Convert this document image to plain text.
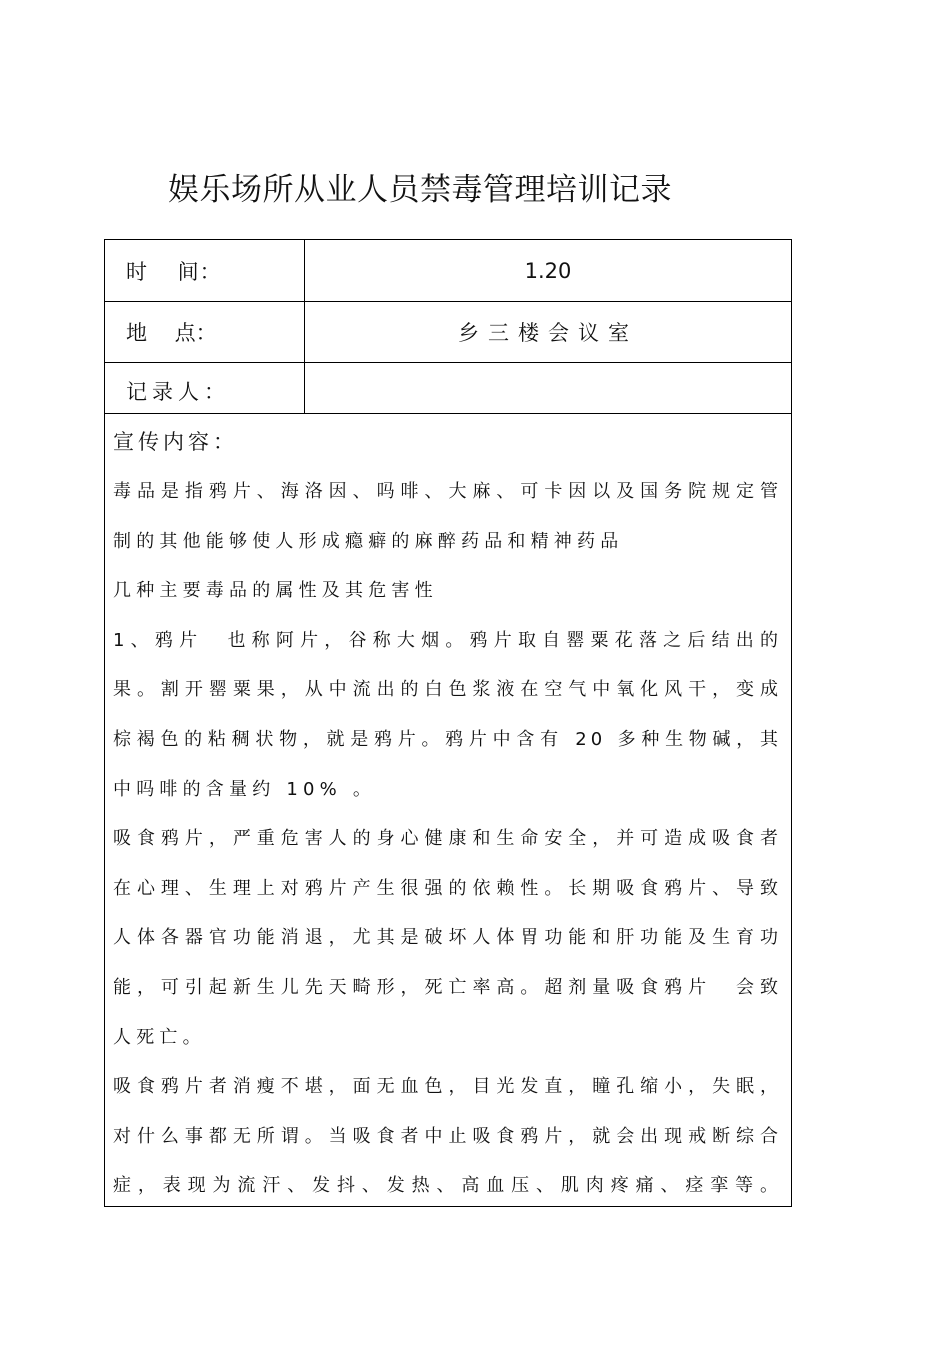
娱乐场所从业人员禁毒管理培训记录
时　 间：	1.20
地　 点：	乡三楼会议室
记录人：
宣传内容：
毒品是指鸦片、海洛因、吗啡、大麻、可卡因以及国务院规定管
制的其他能够使人形成瘾癖的麻醉药品和精神药品
几种主要毒品的属性及其危害性
1、鸦片　也称阿片，谷称大烟。鸦片取自罂粟花落之后结出的
果。割开罂粟果，从中流出的白色浆液在空气中氧化风干，变成
棕褐色的粘稠状物，就是鸦片。鸦片中含有 20 多种生物碱，其
中吗啡的含量约 10% 。
吸食鸦片，严重危害人的身心健康和生命安全，并可造成吸食者
在心理、生理上对鸦片产生很强的依赖性。长期吸食鸦片、导致
人体各器官功能消退，尤其是破坏人体胃功能和肝功能及生育功
能，可引起新生儿先天畸形，死亡率高。超剂量吸食鸦片　会致
人死亡。
吸食鸦片者消瘦不堪，面无血色，目光发直，瞳孔缩小，失眠，
对什么事都无所谓。当吸食者中止吸食鸦片，就会出现戒断综合
症，表现为流汗、发抖、发热、高血压、肌肉疼痛、痉挛等。
